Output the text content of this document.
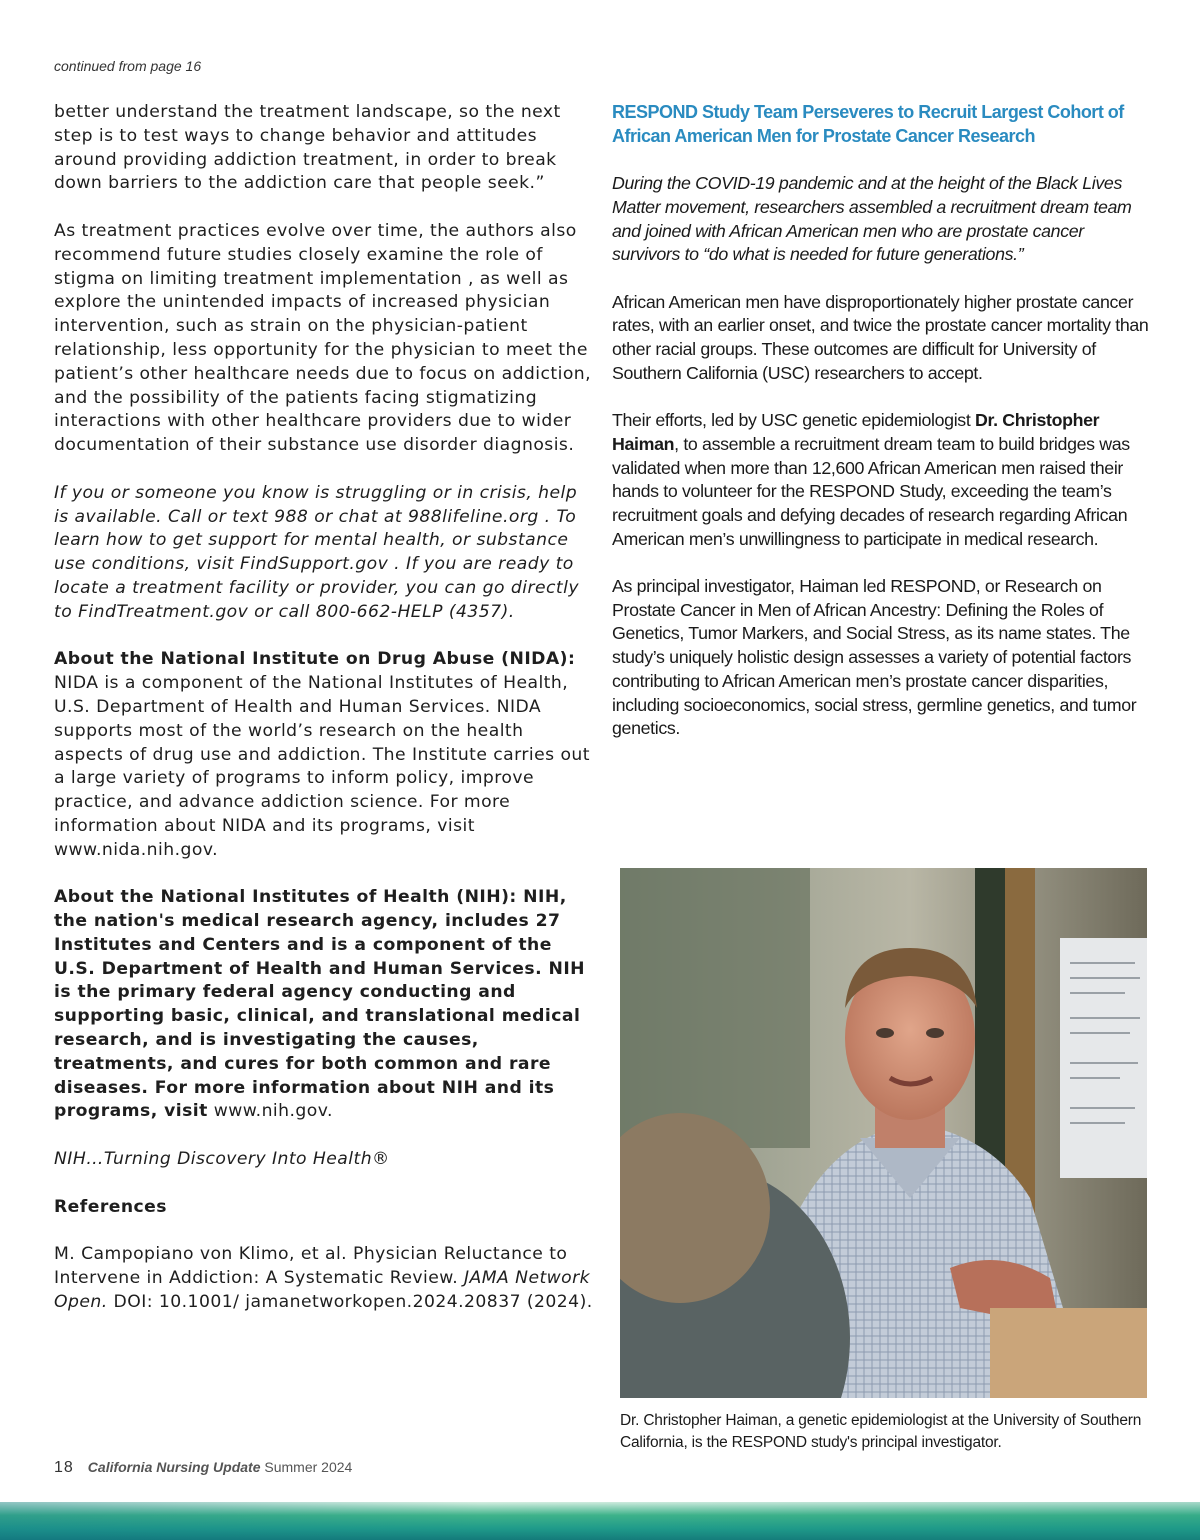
continued from page 16

better understand the treatment landscape, so the next step is to test ways to change behavior and attitudes around providing addiction treatment, in order to break down barriers to the addiction care that people seek.”

As treatment practices evolve over time, the authors also recommend future studies closely examine the role of stigma on limiting treatment implementation , as well as explore the unintended impacts of increased physician intervention, such as strain on the physician-patient relationship, less opportunity for the physician to meet the patient’s other healthcare needs due to focus on addiction, and the possibility of the patients facing stigmatizing interactions with other healthcare providers due to wider documentation of their substance use disorder diagnosis.

If you or someone you know is struggling or in crisis, help is available. Call or text 988 or chat at 988lifeline.org . To learn how to get support for mental health, or substance use conditions, visit FindSupport.gov . If you are ready to locate a treatment facility or provider, you can go directly to FindTreatment.gov or call 800-662-HELP (4357).

About the National Institute on Drug Abuse (NIDA): NIDA is a component of the National Institutes of Health, U.S. Department of Health and Human Services. NIDA supports most of the world’s research on the health aspects of drug use and addiction. The Institute carries out a large variety of programs to inform policy, improve practice, and advance addiction science. For more information about NIDA and its programs, visit www.nida.nih.gov.

About the National Institutes of Health (NIH): NIH, the nation's medical research agency, includes 27 Institutes and Centers and is a component of the U.S. Department of Health and Human Services. NIH is the primary federal agency conducting and supporting basic, clinical, and translational medical research, and is investigating the causes, treatments, and cures for both common and rare diseases. For more information about NIH and its programs, visit www.nih.gov.

NIH…Turning Discovery Into Health®

References

M. Campopiano von Klimo, et al. Physician Reluctance to Intervene in Addiction: A Systematic Review. JAMA Network Open. DOI: 10.1001/ jamanetworkopen.2024.20837 (2024).

RESPOND Study Team Perseveres to Recruit Largest Cohort of African American Men for Prostate Cancer Research

During the COVID-19 pandemic and at the height of the Black Lives Matter movement, researchers assembled a recruitment dream team and joined with African American men who are prostate cancer survivors to “do what is needed for future generations.”

African American men have disproportionately higher prostate cancer rates, with an earlier onset, and twice the prostate cancer mortality than other racial groups. These outcomes are difficult for University of Southern California (USC) researchers to accept.

Their efforts, led by USC genetic epidemiologist Dr. Christopher Haiman, to assemble a recruitment dream team to build bridges was validated when more than 12,600 African American men raised their hands to volunteer for the RESPOND Study, exceeding the team’s recruitment goals and defying decades of research regarding African American men’s unwillingness to participate in medical research.

As principal investigator, Haiman led RESPOND, or Research on Prostate Cancer in Men of African Ancestry: Defining the Roles of Genetics, Tumor Markers, and Social Stress, as its name states. The study’s uniquely holistic design assesses a variety of potential factors contributing to African American men’s prostate cancer disparities, including socioeconomics, social stress, germline genetics, and tumor genetics.

Dr. Christopher Haiman, a genetic epidemiologist at the University of Southern California, is the RESPOND study's principal investigator.
18 California Nursing Update Summer 2024
